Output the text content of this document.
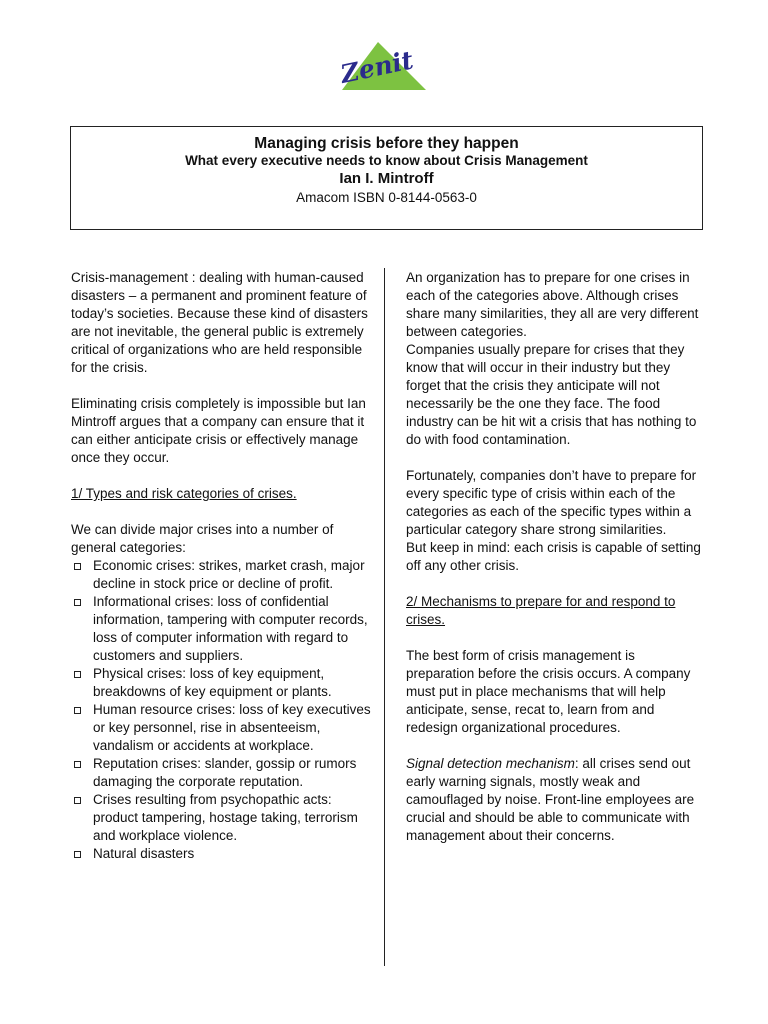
Zenit
Managing crisis before they happen
What every executive needs to know about Crisis Management
Ian I. Mintroff
Amacom ISBN 0-8144-0563-0

Crisis-management : dealing with human-caused disasters – a permanent and prominent feature of today’s societies. Because these kind of disasters are not inevitable, the general public is extremely critical of organizations who are held responsible for the crisis.

Eliminating crisis completely is impossible but Ian Mintroff argues that a company can ensure that it can either anticipate crisis or effectively manage once they occur.

1/ Types and risk categories of crises.

We can divide major crises into a number of general categories:

Economic crises: strikes, market crash, major decline in stock price or decline of profit.
Informational crises: loss of confidential information, tampering with computer records, loss of computer information with regard to customers and suppliers.
Physical crises: loss of key equipment, breakdowns of key equipment or plants.
Human resource crises: loss of key executives or key personnel, rise in absenteeism, vandalism or accidents at workplace.
Reputation crises: slander, gossip or rumors damaging the corporate reputation.
Crises resulting from psychopathic acts: product tampering, hostage taking, terrorism and workplace violence.
Natural disasters

An organization has to prepare for one crises in each of the categories above. Although crises share many similarities, they all are very different between categories.

Companies usually prepare for crises that they know that will occur in their industry but they forget that the crisis they anticipate will not necessarily be the one they face. The food industry can be hit wit a crisis that has nothing to do with food contamination.

Fortunately, companies don’t have to prepare for every specific type of crisis within each of the categories as each of the specific types within a particular category share strong similarities.

But keep in mind: each crisis is capable of setting off any other crisis.

2/ Mechanisms to prepare for and respond to crises.

The best form of crisis management is preparation before the crisis occurs. A company must put in place mechanisms that will help anticipate, sense, recat to, learn from and redesign organizational procedures.

Signal detection mechanism: all crises send out early warning signals, mostly weak and camouflaged by noise. Front-line employees are crucial and should be able to communicate with management about their concerns.
